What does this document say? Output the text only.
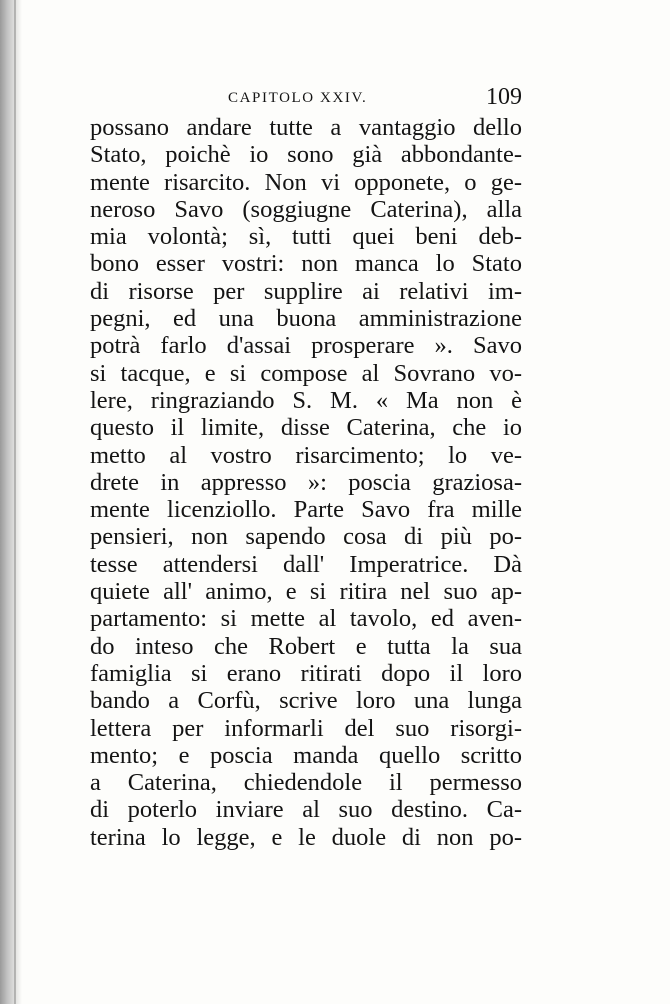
CAPITOLO XXIV.	109
possano andare tutte a vantaggio dello
Stato, poichè io sono già abbondante-
mente risarcito. Non vi opponete, o ge-
neroso Savo (soggiugne Caterina), alla
mia volontà; sì, tutti quei beni deb-
bono esser vostri: non manca lo Stato
di risorse per supplire ai relativi im-
pegni, ed una buona amministrazione
potrà farlo d'assai prosperare ». Savo
si tacque, e si compose al Sovrano vo-
lere, ringraziando S. M. « Ma non è
questo il limite, disse Caterina, che io
metto al vostro risarcimento; lo ve-
drete in appresso »: poscia graziosa-
mente licenziollo. Parte Savo fra mille
pensieri, non sapendo cosa di più po-
tesse attendersi dall' Imperatrice. Dà
quiete all' animo, e si ritira nel suo ap-
partamento: si mette al tavolo, ed aven-
do inteso che Robert e tutta la sua
famiglia si erano ritirati dopo il loro
bando a Corfù, scrive loro una lunga
lettera per informarli del suo risorgi-
mento; e poscia manda quello scritto
a Caterina, chiedendole il permesso
di poterlo inviare al suo destino. Ca-
terina lo legge, e le duole di non po-
